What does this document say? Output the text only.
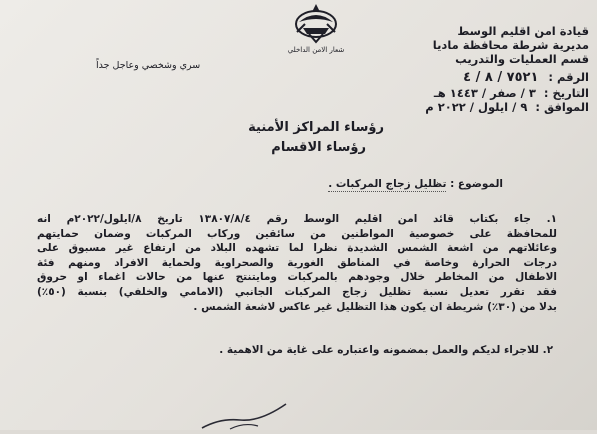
قيادة امن اقليم الوسط
مديرية شرطة محافظة ماديا
قسم العمليات والتدريب
الرقم : ٧٥٢١ / ٨ / ٤
التاريخ : ٣ / صفر / ١٤٤٣ هـ
الموافق : ٩ / ايلول / ٢٠٢٢ م
شعار الامن الداخلي
سري وشخصي وعاجل جداً
رؤساء المراكز الأمنية
رؤساء الاقسام
الموضوع : تظليل زجاج المركبات .
١. جاء بكتاب قائد امن اقليم الوسط رقم ١٣٨٠٧/٨/٤ تاريخ ٨/ايلول/٢٠٢٢م انه
للمحافظة على خصوصية المواطنين من سائقين وركاب المركبات وضمان حمايتهم
وعائلاتهم من اشعة الشمس الشديدة نظرا لما تشهده البلاد من ارتفاع غير مسبوق على
درجات الحرارة وخاصة في المناطق الغورية والصحراوية ولحماية الافراد ومنهم فئة
الاطفال من المخاطر خلال وجودهم بالمركبات ومايتنتج عنها من حالات اغماء او حروق
فقد تقرر تعديل نسبة تظليل زجاج المركبات الجانبي (الامامي والخلفي) بنسبة (٥٠٪)
بدلا من (٣٠٪) شريطة ان يكون هذا التظليل غير عاكس لاشعة الشمس .
٢. للاجراء لديكم والعمل بمضمونه واعتباره على غاية من الاهمية .
